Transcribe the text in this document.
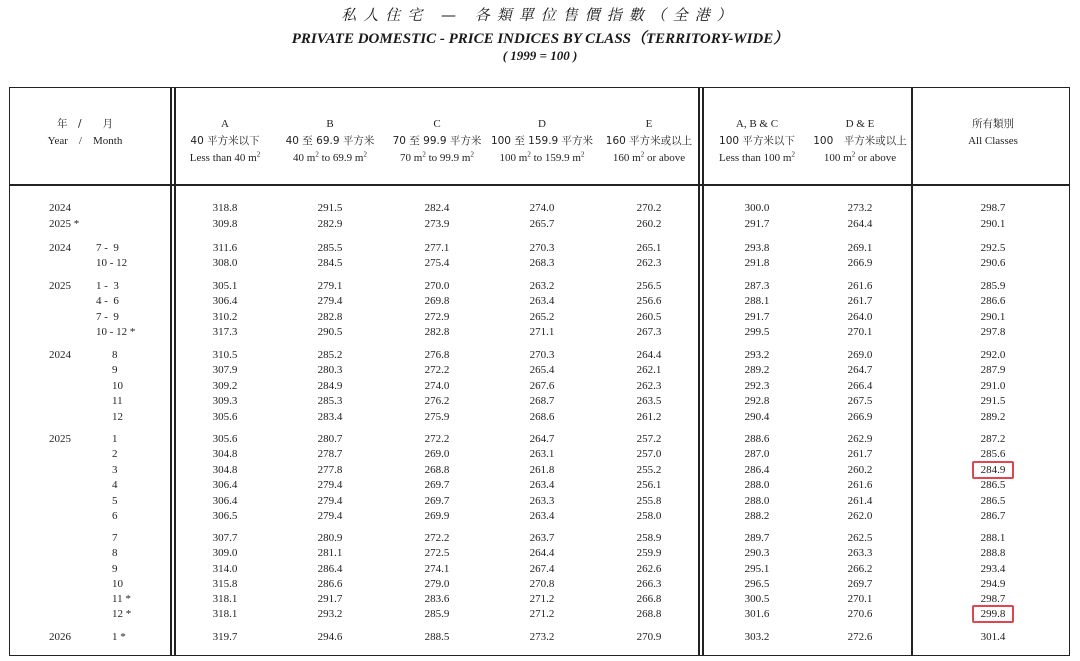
私人住宅 — 各類單位售價指數（全港）
PRIVATE DOMESTIC - PRICE INDICES BY CLASS（TERRITORY-WIDE）
( 1999 = 100 )
年　/　　月
Year　/　Month
A
40 平方米以下
Less than 40 $m^2$
B
40 至 69.9 平方米
40 $m^2$ to 69.9 $m^2$
C
70 至 99.9 平方米
70 $m^2$ to 99.9 $m^2$
D
100 至 159.9 平方米
100 $m^2$ to 159.9 $m^2$
E
160 平方米或以上
160 $m^2$ or above
A, B & C
100 平方米以下
Less than 100 $m^2$
D & E
100　平方米或以上
100 $m^2$ or above
所有類別
All Classes
2024	318.8	291.5	282.4	274.0	270.2	300.0	273.2	298.7
2025 *	309.8	282.9	273.9	265.7	260.2	291.7	264.4	290.1
2024 7 -  9	311.6	285.5	277.1	270.3	265.1	293.8	269.1	292.5
10 - 12	308.0	284.5	275.4	268.3	262.3	291.8	266.9	290.6
2025 1 -  3	305.1	279.1	270.0	263.2	256.5	287.3	261.6	285.9
4 -  6	306.4	279.4	269.8	263.4	256.6	288.1	261.7	286.6
7 -  9	310.2	282.8	272.9	265.2	260.5	291.7	264.0	290.1
10 - 12 *	317.3	290.5	282.8	271.1	267.3	299.5	270.1	297.8
2024	8	310.5	285.2	276.8	270.3	264.4	293.2	269.0	292.0
9	307.9	280.3	272.2	265.4	262.1	289.2	264.7	287.9
10	309.2	284.9	274.0	267.6	262.3	292.3	266.4	291.0
11	309.3	285.3	276.2	268.7	263.5	292.8	267.5	291.5
12	305.6	283.4	275.9	268.6	261.2	290.4	266.9	289.2
2025	1	305.6	280.7	272.2	264.7	257.2	288.6	262.9	287.2
2	304.8	278.7	269.0	263.1	257.0	287.0	261.7	285.6
3	304.8	277.8	268.8	261.8	255.2	286.4	260.2	284.9
4	306.4	279.4	269.7	263.4	256.1	288.0	261.6	286.5
5	306.4	279.4	269.7	263.3	255.8	288.0	261.4	286.5
6	306.5	279.4	269.9	263.4	258.0	288.2	262.0	286.7
7	307.7	280.9	272.2	263.7	258.9	289.7	262.5	288.1
8	309.0	281.1	272.5	264.4	259.9	290.3	263.3	288.8
9	314.0	286.4	274.1	267.4	262.6	295.1	266.2	293.4
10	315.8	286.6	279.0	270.8	266.3	296.5	269.7	294.9
11 *	318.1	291.7	283.6	271.2	266.8	300.5	270.1	298.7
12 *	318.1	293.2	285.9	271.2	268.8	301.6	270.6	299.8
2026	1 *	319.7	294.6	288.5	273.2	270.9	303.2	272.6	301.4
